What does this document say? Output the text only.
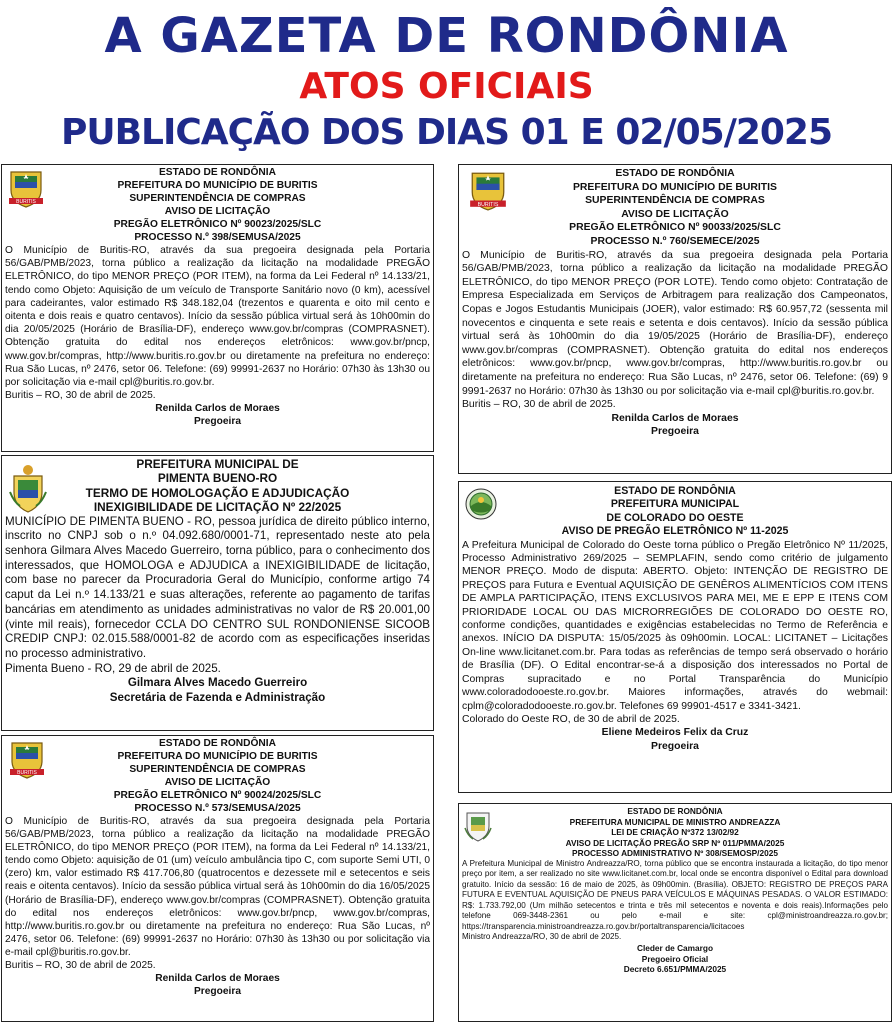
A GAZETA DE RONDÔNIA
ATOS OFICIAIS
PUBLICAÇÃO DOS DIAS 01 E 02/05/2025
BURITIS
ESTADO DE RONDÔNIA
PREFEITURA DO MUNICÍPIO DE BURITIS
SUPERINTENDÊNCIA DE COMPRAS
AVISO DE LICITAÇÃO
PREGÃO ELETRÔNICO Nº 90023/2025/SLC
PROCESSO N.º 398/SEMUSA/2025
O Município de Buritis-RO, através da sua pregoeira designada pela Portaria 56/GAB/PMB/2023, torna público a realização da licitação na modalidade PREGÃO ELETRÔNICO, do tipo MENOR PREÇO (POR ITEM), na forma da Lei Federal nº 14.133/21, tendo como Objeto: Aquisição de um veículo de Transporte Sanitário novo (0 km), acessível para cadeirantes, valor estimado R$ 348.182,04 (trezentos e quarenta e oito mil cento e oitenta e dois reais e quatro centavos). Início da sessão pública virtual será às 10h00min do dia 20/05/2025 (Horário de Brasília-DF), endereço www.gov.br/compras (COMPRASNET). Obtenção gratuita do edital nos endereços eletrônicos: www.gov.br/pncp, www.gov.br/compras, http://www.buritis.ro.gov.br ou diretamente na prefeitura no endereço: Rua São Lucas, nº 2476, setor 06. Telefone: (69) 99991-2637 no Horário: 07h30 às 13h30 ou por solicitação via e-mail cpl@buritis.ro.gov.br.
Buritis – RO, 30 de abril de 2025.
Renilda Carlos de Moraes
Pregoeira
BURITIS
ESTADO DE RONDÔNIA
PREFEITURA DO MUNICÍPIO DE BURITIS
SUPERINTENDÊNCIA DE COMPRAS
AVISO DE LICITAÇÃO
PREGÃO ELETRÔNICO Nº 90033/2025/SLC
PROCESSO N.º 760/SEMECE/2025
O Município de Buritis-RO, através da sua pregoeira designada pela Portaria 56/GAB/PMB/2023, torna público a realização da licitação na modalidade PREGÃO ELETRÔNICO, do tipo MENOR PREÇO (POR LOTE). Tendo como objeto: Contratação de Empresa Especializada em Serviços de Arbitragem para realização dos Campeonatos, Copas e Jogos Estudantis Municipais (JOER), valor estimado: R$ 60.957,72 (sessenta mil novecentos e cinquenta e sete reais e setenta e dois centavos). Início da sessão pública virtual será às 10h00min do dia 19/05/2025 (Horário de Brasília-DF), endereço www.gov.br/compras (COMPRASNET). Obtenção gratuita do edital nos endereços eletrônicos: www.gov.br/pncp, www.gov.br/compras, http://www.buritis.ro.gov.br ou diretamente na prefeitura no endereço: Rua São Lucas, nº 2476, setor 06. Telefone: (69) 9 9991-2637 no Horário: 07h30 às 13h30 ou por solicitação via e-mail cpl@buritis.ro.gov.br.
Buritis – RO, 30 de abril de 2025.
Renilda Carlos de Moraes
Pregoeira
PREFEITURA MUNICIPAL DE
PIMENTA BUENO-RO
TERMO DE HOMOLOGAÇÃO E ADJUDICAÇÃO
INEXIGIBILIDADE DE LICITAÇÃO Nº 22/2025
MUNICÍPIO DE PIMENTA BUENO - RO, pessoa jurídica de direito público interno, inscrito no CNPJ sob o n.º 04.092.680/0001-71, representado neste ato pela senhora Gilmara Alves Macedo Guerreiro, torna público, para o conhecimento dos interessados, que HOMOLOGA e ADJUDICA a INEXIGIBILIDADE de licitação, com base no parecer da Procuradoria Geral do Município, conforme artigo 74 caput da Lei n.º 14.133/21 e suas alterações, referente ao pagamento de tarifas bancárias em atendimento as unidades administrativas no valor de R$ 20.001,00 (vinte mil reais), fornecedor CCLA DO CENTRO SUL RONDONIENSE SICOOB CREDIP CNPJ: 02.015.588/0001-82 de acordo com as especificações inseridas no processo administrativo.
Pimenta Bueno - RO, 29 de abril de 2025.
Gilmara Alves Macedo Guerreiro
Secretária de Fazenda e Administração
ESTADO DE RONDÔNIA
PREFEITURA MUNICIPAL
DE COLORADO DO OESTE
AVISO DE PREGÃO ELETRÔNICO Nº 11-2025
A Prefeitura Municipal de Colorado do Oeste torna público o Pregão Eletrônico Nº 11/2025, Processo Administrativo 269/2025 – SEMPLAFIN, sendo como critério de julgamento MENOR PREÇO. Modo de disputa: ABERTO. Objeto: INTENÇÃO DE REGISTRO DE PREÇOS para Futura e Eventual AQUISIÇÃO DE GENÊROS ALIMENTÍCIOS COM ITENS DE AMPLA PARTICIPAÇÃO, ITENS EXCLUSIVOS PARA MEI, ME E EPP E ITENS COM PRIORIDADE LOCAL OU DAS MICRORREGIÕES DE COLORADO DO OESTE RO, conforme condições, quantidades e exigências estabelecidas no Termo de Referência e anexos. INÍCIO DA DISPUTA: 15/05/2025 às 09h00min. LOCAL: LICITANET – Licitações On-line www.licitanet.com.br. Para todas as referências de tempo será observado o horário de Brasília (DF). O Edital encontrar-se-á a disposição dos interessados no Portal de Compras supracitado e no Portal Transparência do Município www.coloradodooeste.ro.gov.br. Maiores informações, através do webmail: cplm@coloradodooeste.ro.gov.br. Telefones 69 99901-4517 e 3341-3421.
Colorado do Oeste RO, de 30 de abril de 2025.
Eliene Medeiros Felix da Cruz
Pregoeira
BURITIS
ESTADO DE RONDÔNIA
PREFEITURA DO MUNICÍPIO DE BURITIS
SUPERINTENDÊNCIA DE COMPRAS
AVISO DE LICITAÇÃO
PREGÃO ELETRÔNICO Nº 90024/2025/SLC
PROCESSO N.º 573/SEMUSA/2025
O Município de Buritis-RO, através da sua pregoeira designada pela Portaria 56/GAB/PMB/2023, torna público a realização da licitação na modalidade PREGÃO ELETRÔNICO, do tipo MENOR PREÇO (POR ITEM), na forma da Lei Federal nº 14.133/21, tendo como Objeto: aquisição de 01 (um) veículo ambulância tipo C, com suporte Semi UTI, 0 (zero) km, valor estimado R$ 417.706,80 (quatrocentos e dezessete mil e setecentos e seis reais e oitenta centavos). Início da sessão pública virtual será às 10h00min do dia 16/05/2025 (Horário de Brasília-DF), endereço www.gov.br/compras (COMPRASNET). Obtenção gratuita do edital nos endereços eletrônicos: www.gov.br/pncp, www.gov.br/compras, http://www.buritis.ro.gov.br ou diretamente na prefeitura no endereço: Rua São Lucas, nº 2476, setor 06. Telefone: (69) 99991-2637 no Horário: 07h30 às 13h30 ou por solicitação via e-mail cpl@buritis.ro.gov.br.
Buritis – RO, 30 de abril de 2025.
Renilda Carlos de Moraes
Pregoeira
ESTADO DE RONDÔNIA
PREFEITURA MUNICIPAL DE MINISTRO ANDREAZZA
LEI DE CRIAÇÃO Nº372 13/02/92
AVISO DE LICITAÇÃO PREGÃO SRP Nº 011/PMMA/2025
PROCESSO ADMINISTRATIVO Nº 308/SEMOSP/2025
A Prefeitura Municipal de Ministro Andreazza/RO, torna público que se encontra instaurada a licitação, do tipo menor preço por item, a ser realizado no site www.licitanet.com.br, local onde se encontra disponível o Edital para download gratuito. Início da sessão: 16 de maio de 2025, às 09h00min. (Brasília). OBJETO: REGISTRO DE PREÇOS PARA FUTURA E EVENTUAL AQUISIÇÃO DE PNEUS PARA VEÍCULOS E MÁQUINAS PESADAS. O VALOR ESTIMADO: R$: 1.733.792,00 (Um milhão setecentos e trinta e três mil setecentos e noventa e dois reais).Informações pelo telefone 069-3448-2361 ou pelo e-mail e site: cpl@ministroandreazza.ro.gov.br; https://transparencia.ministroandreazza.ro.gov.br/portaltransparencia/licitacoes
Ministro Andreazza/RO, 30 de abril de 2025.
Cleder de Camargo
Pregoeiro Oficial
Decreto 6.651/PMMA/2025
